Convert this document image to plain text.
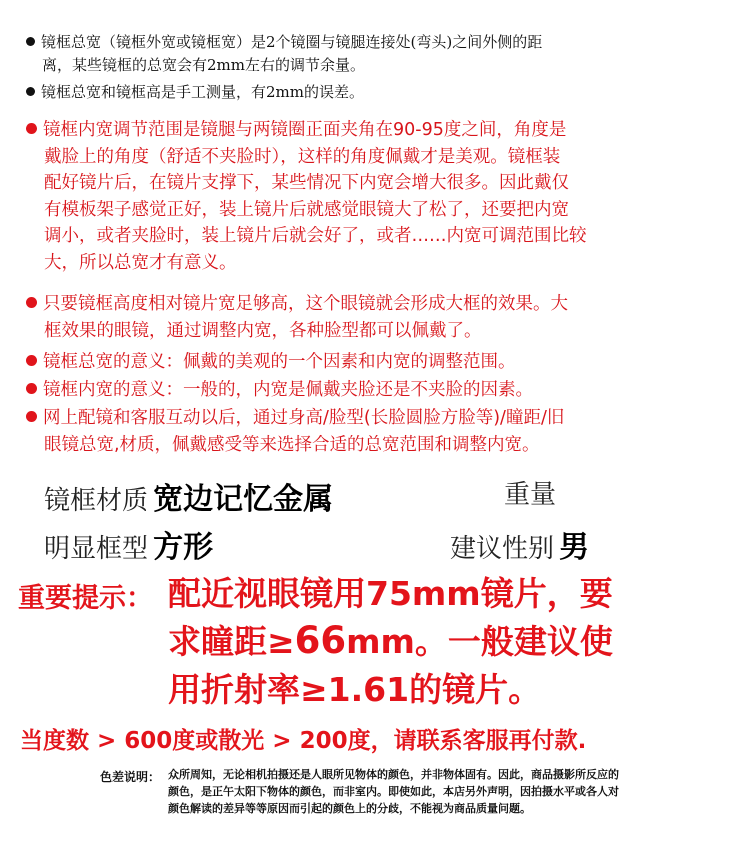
镜框总宽（镜框外宽或镜框宽）是2个镜圈与镜腿连接处(弯头)之间外侧的距
离，某些镜框的总宽会有2mm左右的调节余量。
镜框总宽和镜框高是手工测量，有2mm的误差。
镜框内宽调节范围是镜腿与两镜圈正面夹角在90-95度之间，角度是
戴脸上的角度（舒适不夹脸时），这样的角度佩戴才是美观。镜框装
配好镜片后，在镜片支撑下，某些情况下内宽会增大很多。因此戴仅
有模板架子感觉正好，装上镜片后就感觉眼镜大了松了，还要把内宽
调小，或者夹脸时，装上镜片后就会好了，或者……内宽可调范围比较
大，所以总宽才有意义。
只要镜框高度相对镜片宽足够高，这个眼镜就会形成大框的效果。大
框效果的眼镜，通过调整内宽，各种脸型都可以佩戴了。
镜框总宽的意义：佩戴的美观的一个因素和内宽的调整范围。
镜框内宽的意义：一般的，内宽是佩戴夹脸还是不夹脸的因素。
网上配镜和客服互动以后，通过身高/脸型(长脸圆脸方脸等)/瞳距/旧
眼镜总宽,材质，佩戴感受等来选择合适的总宽范围和调整内宽。
镜框材质 宽边记忆金属	重量
明显框型 方形	建议性别 男
重要提示： 配近视眼镜用75mm镜片，要
求瞳距≥66mm。一般建议使
用折射率≥1.61的镜片。
当度数 > 600度或散光 > 200度，请联系客服再付款.
色差说明： 众所周知，无论相机拍摄还是人眼所见物体的颜色，并非物体固有。因此，商品摄影所反应的
颜色，是正午太阳下物体的颜色，而非室内。即使如此，本店另外声明，因拍摄水平或各人对
颜色解读的差异等等原因而引起的颜色上的分歧，不能视为商品质量问题。
